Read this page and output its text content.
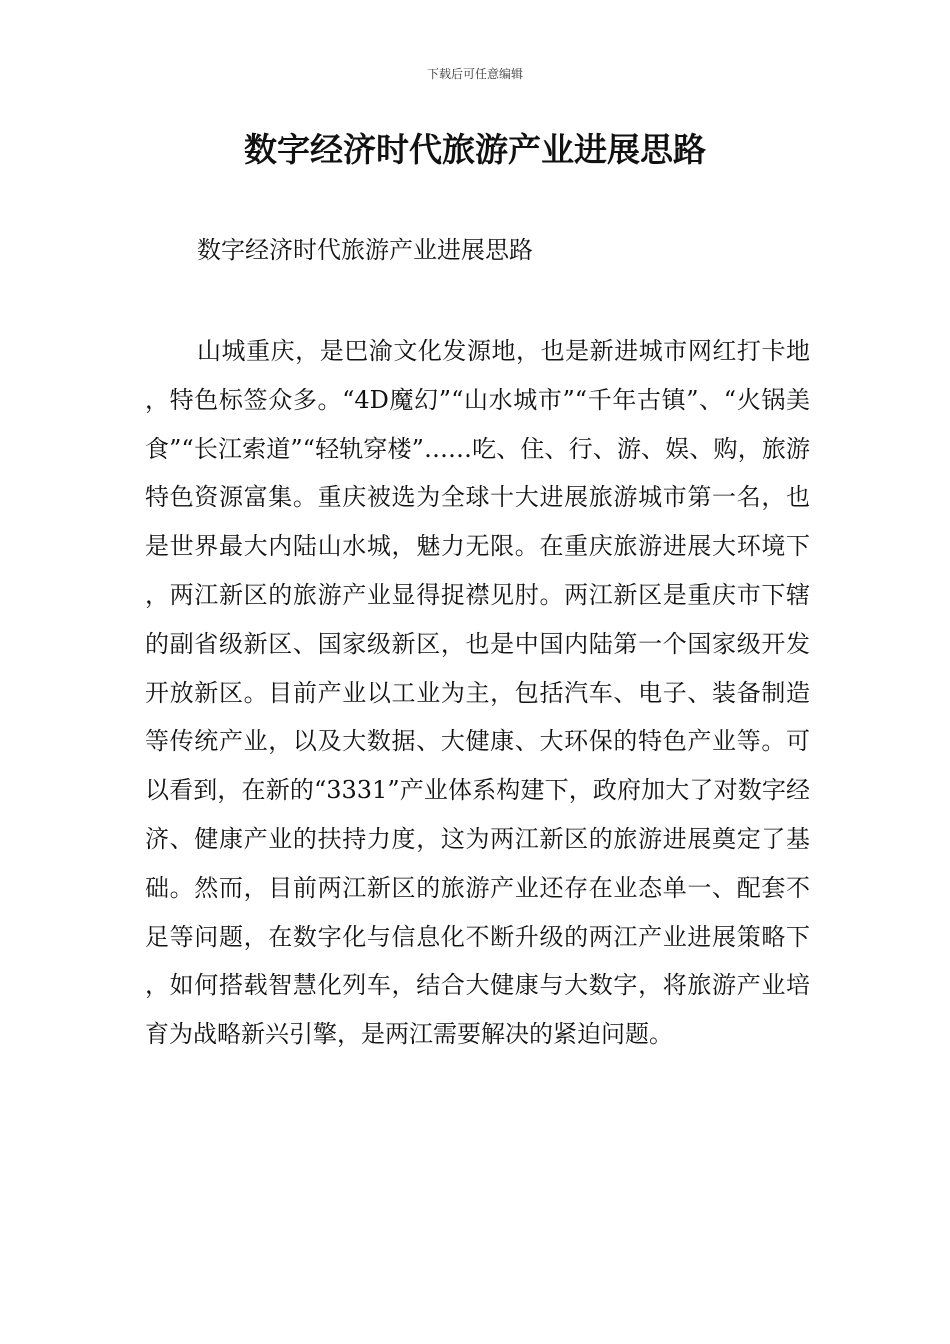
下载后可任意编辑
数字经济时代旅游产业进展思路

数字经济时代旅游产业进展思路

山城重庆，是巴渝文化发源地，也是新进城市网红打卡地，特色标签众多。“4D魔幻”“山水城市”“千年古镇”、“火锅美食”“长江索道”“轻轨穿楼”……吃、住、行、游、娱、购，旅游特色资源富集。重庆被选为全球十大进展旅游城市第一名，也是世界最大内陆山水城，魅力无限。在重庆旅游进展大环境下，两江新区的旅游产业显得捉襟见肘。两江新区是重庆市下辖的副省级新区、国家级新区，也是中国内陆第一个国家级开发开放新区。目前产业以工业为主，包括汽车、电子、装备制造等传统产业，以及大数据、大健康、大环保的特色产业等。可以看到，在新的“3331”产业体系构建下，政府加大了对数字经济、健康产业的扶持力度，这为两江新区的旅游进展奠定了基础。然而，目前两江新区的旅游产业还存在业态单一、配套不足等问题，在数字化与信息化不断升级的两江产业进展策略下，如何搭载智慧化列车，结合大健康与大数字，将旅游产业培育为战略新兴引擎，是两江需要解决的紧迫问题。
